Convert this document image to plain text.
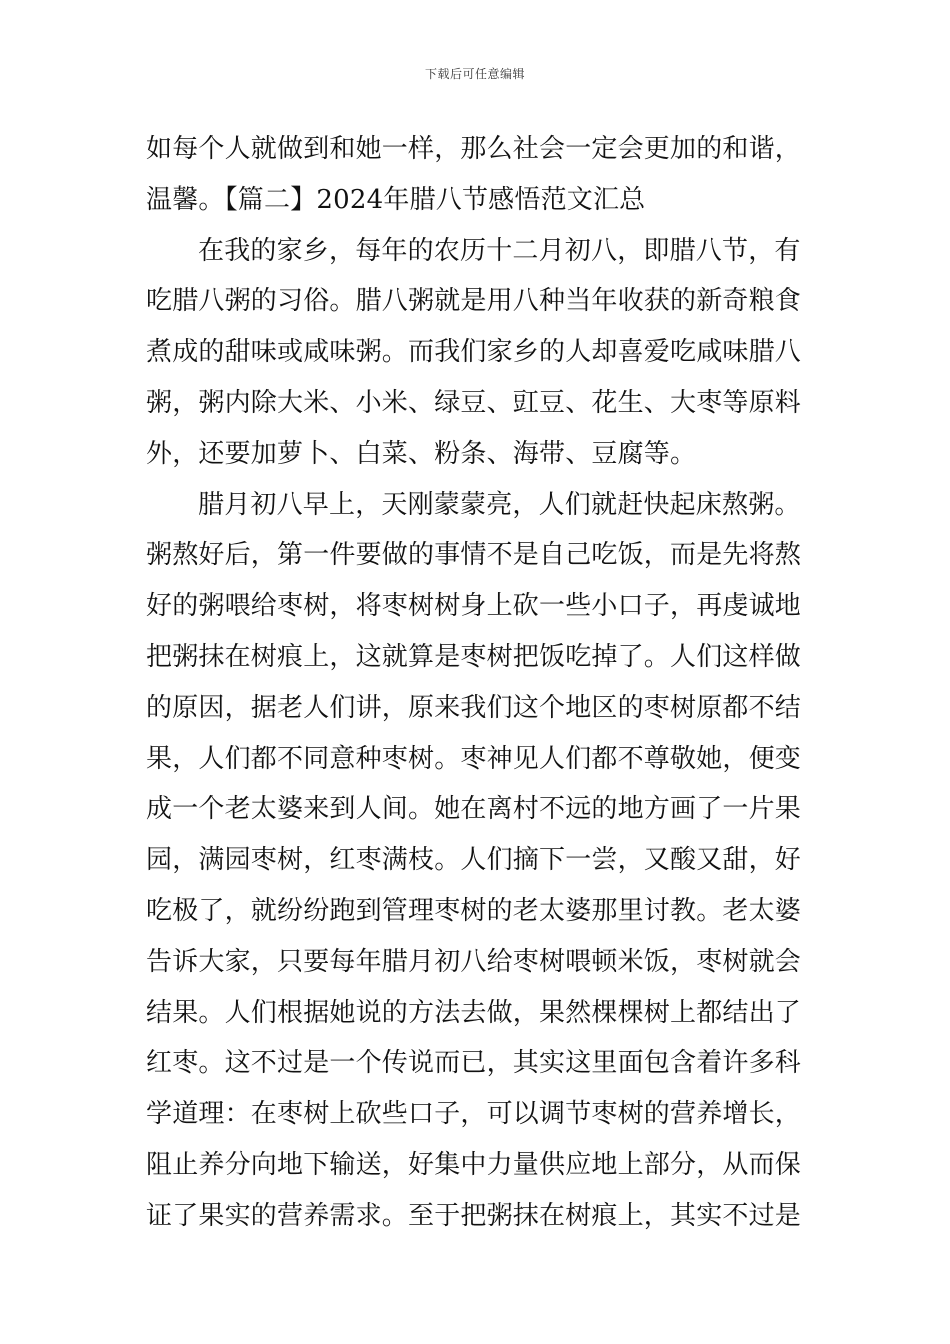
下载后可任意编辑
如每个人就做到和她一样，那么社会一定会更加的和谐，
温馨。【篇二】2024年腊八节感悟范文汇总
在我的家乡，每年的农历十二月初八，即腊八节，有
吃腊八粥的习俗。腊八粥就是用八种当年收获的新奇粮食
煮成的甜味或咸味粥。而我们家乡的人却喜爱吃咸味腊八
粥，粥内除大米、小米、绿豆、豇豆、花生、大枣等原料
外，还要加萝卜、白菜、粉条、海带、豆腐等。
腊月初八早上，天刚蒙蒙亮，人们就赶快起床熬粥。
粥熬好后，第一件要做的事情不是自己吃饭，而是先将熬
好的粥喂给枣树，将枣树树身上砍一些小口子，再虔诚地
把粥抹在树痕上，这就算是枣树把饭吃掉了。人们这样做
的原因，据老人们讲，原来我们这个地区的枣树原都不结
果，人们都不同意种枣树。枣神见人们都不尊敬她，便变
成一个老太婆来到人间。她在离村不远的地方画了一片果
园，满园枣树，红枣满枝。人们摘下一尝，又酸又甜，好
吃极了，就纷纷跑到管理枣树的老太婆那里讨教。老太婆
告诉大家，只要每年腊月初八给枣树喂顿米饭，枣树就会
结果。人们根据她说的方法去做，果然棵棵树上都结出了
红枣。这不过是一个传说而已，其实这里面包含着许多科
学道理：在枣树上砍些口子，可以调节枣树的营养增长，
阻止养分向地下输送，好集中力量供应地上部分，从而保
证了果实的营养需求。至于把粥抹在树痕上，其实不过是
